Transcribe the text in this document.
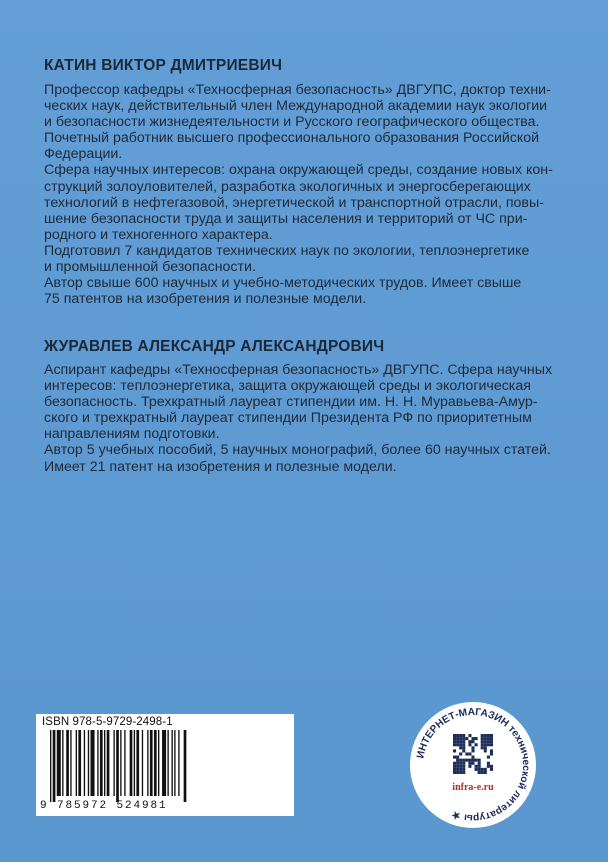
КАТИН ВИКТОР ДМИТРИЕВИЧ

Профессор кафедры «Техносферная безопасность» ДВГУПС, доктор техни-
ческих наук, действительный член Международной академии наук экологии
и безопасности жизнедеятельности и Русского географического общества.
Почетный работник высшего профессионального образования Российской
Федерации.

Сфера научных интересов: охрана окружающей среды, создание новых кон-
струкций золоуловителей, разработка экологичных и энергосберегающих
технологий в нефтегазовой, энергетической и транспортной отрасли, повы-
шение безопасности труда и защиты населения и территорий от ЧС при-
родного и техногенного характера.

Подготовил 7 кандидатов технических наук по экологии, теплоэнергетике
и промышленной безопасности.

Автор свыше 600 научных и учебно-методических трудов. Имеет свыше
75 патентов на изобретения и полезные модели.

ЖУРАВЛЕВ АЛЕКСАНДР АЛЕКСАНДРОВИЧ

Аспирант кафедры «Техносферная безопасность» ДВГУПС. Сфера научных
интересов: теплоэнергетика, защита окружающей среды и экологическая
безопасность. Трехкратный лауреат стипендии им. Н. Н. Муравьева-Амур-
ского и трехкратный лауреат стипендии Президента РФ по приоритетным
направлениям подготовки.

Автор 5 учебных пособий, 5 научных монографий, более 60 научных статей.
Имеет 21 патент на изобретения и полезные модели.

ISBN 978-5-9729-2498-1
9 785972 524981
ИНТЕРНЕТ-МАГАЗИН технической литературы ★
infra-e.ru
